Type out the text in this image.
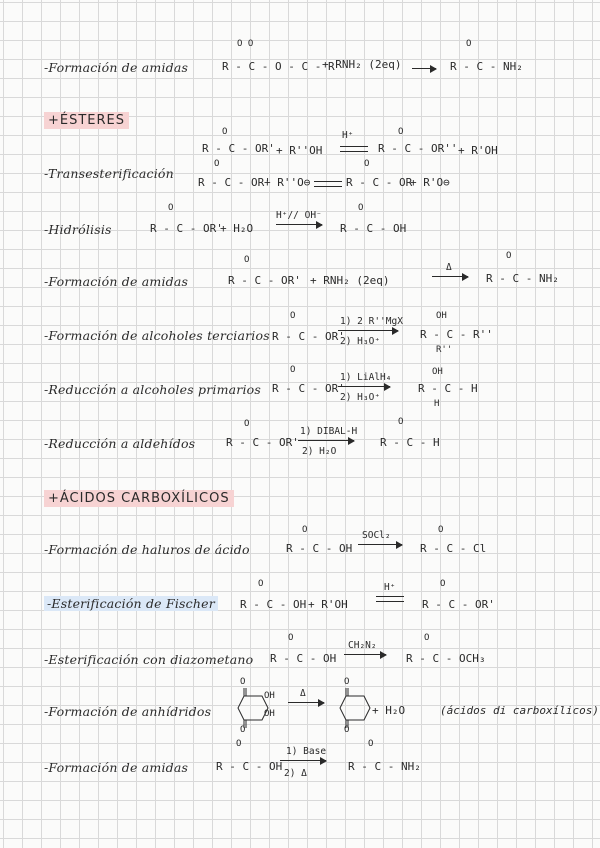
-Formación de amidas
O O
R - C - O - C - R
+ RNH₂ (2eq) →
O
R - C - NH₂
+ÉSTERES
-Transesterificación
O
R - C - OR' + R''OH
H⁺	O
R - C - OR'' + R'OH
O
R - C - OR'
+ R''O⊖
O
R - C - OR
+ R'O⊖
-Hidrólisis
O
R - C - OR'
+ H₂O
H⁺// OH⁻
O
R - C - OH
-Formación de amidas
O
R - C - OR' + RNH₂ (2eq)
Δ
O
R - C - NH₂
-Formación de alcoholes terciarios
O
R - C - OR'
1) 2 R''MgX
2) H₃O⁺
OH
R - C - R''
R''
-Reducción a alcoholes primarios
O
R - C - OR'
1) LiAlH₄
2) H₃O⁺
OH
R - C - H
H
-Reducción a aldehídos
O
R - C - OR'
1) DIBAL-H
2) H₂O
O
R - C - H
+ÁCIDOS CARBOXÍLICOS
-Formación de haluros de ácido
O
R - C - OH
SOCl₂	O
R - C - Cl
-Esterificación de Fischer
O
R - C - OH + R'OH
H⁺	O
R - C - OR'
-Esterificación con diazometano
O
R - C - OH
CH₂N₂
O
R - C - OCH₃
-Formación de anhídridos
O
OH
OH
O
Δ
O
O
+ H₂O	(ácidos di carboxílicos)
-Formación de amidas
O
R - C - OH
1) Base
2) Δ
O
R - C - NH₂
